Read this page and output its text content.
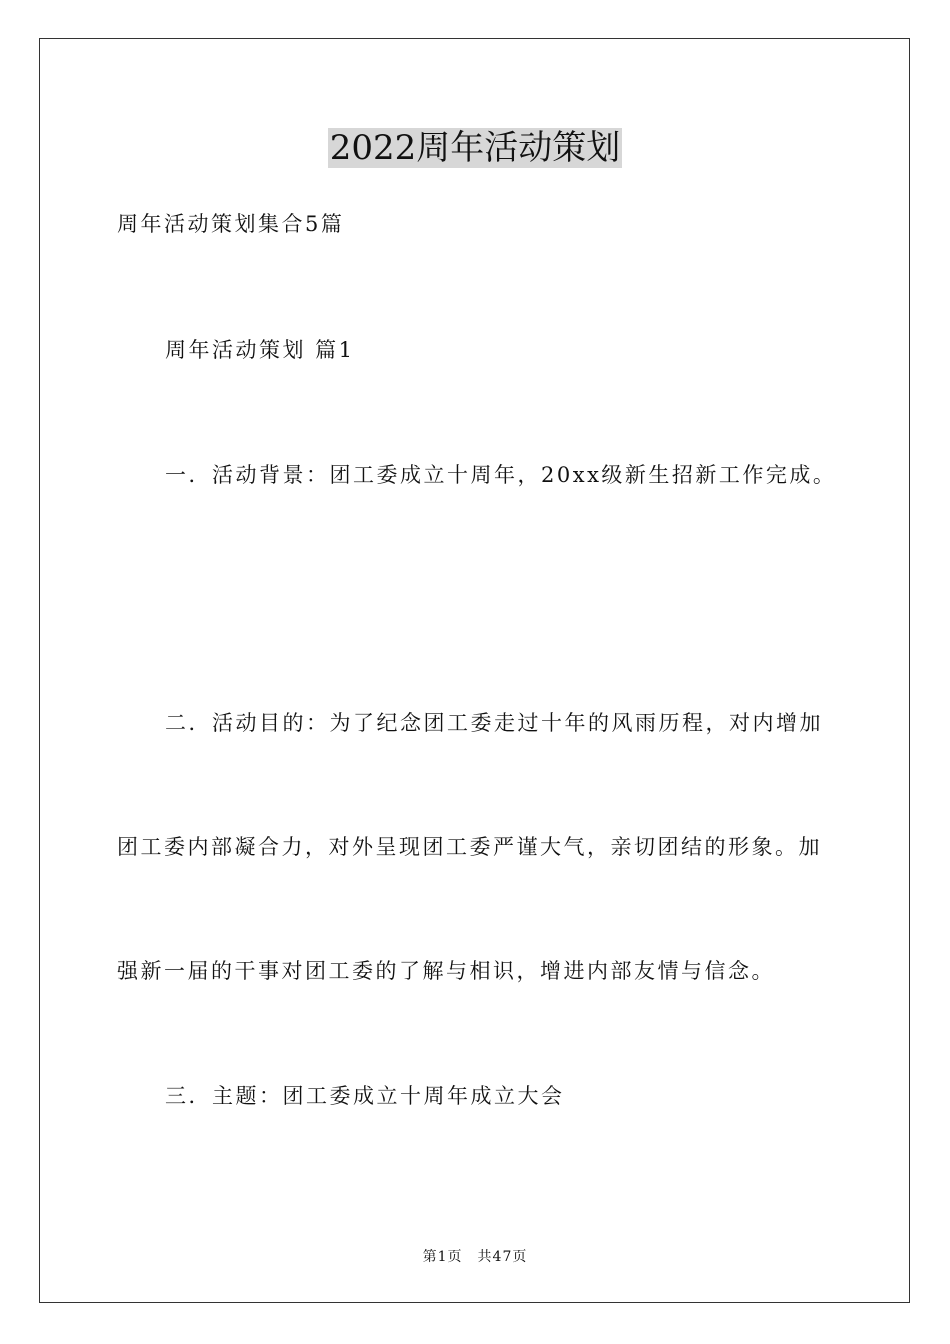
2022周年活动策划
周年活动策划集合5篇
周年活动策划 篇1
一．活动背景：团工委成立十周年，20xx级新生招新工作完成。
二．活动目的：为了纪念团工委走过十年的风雨历程，对内增加
团工委内部凝合力，对外呈现团工委严谨大气，亲切团结的形象。加
强新一届的干事对团工委的了解与相识，增进内部友情与信念。
三．主题：团工委成立十周年成立大会
第1页　共47页
